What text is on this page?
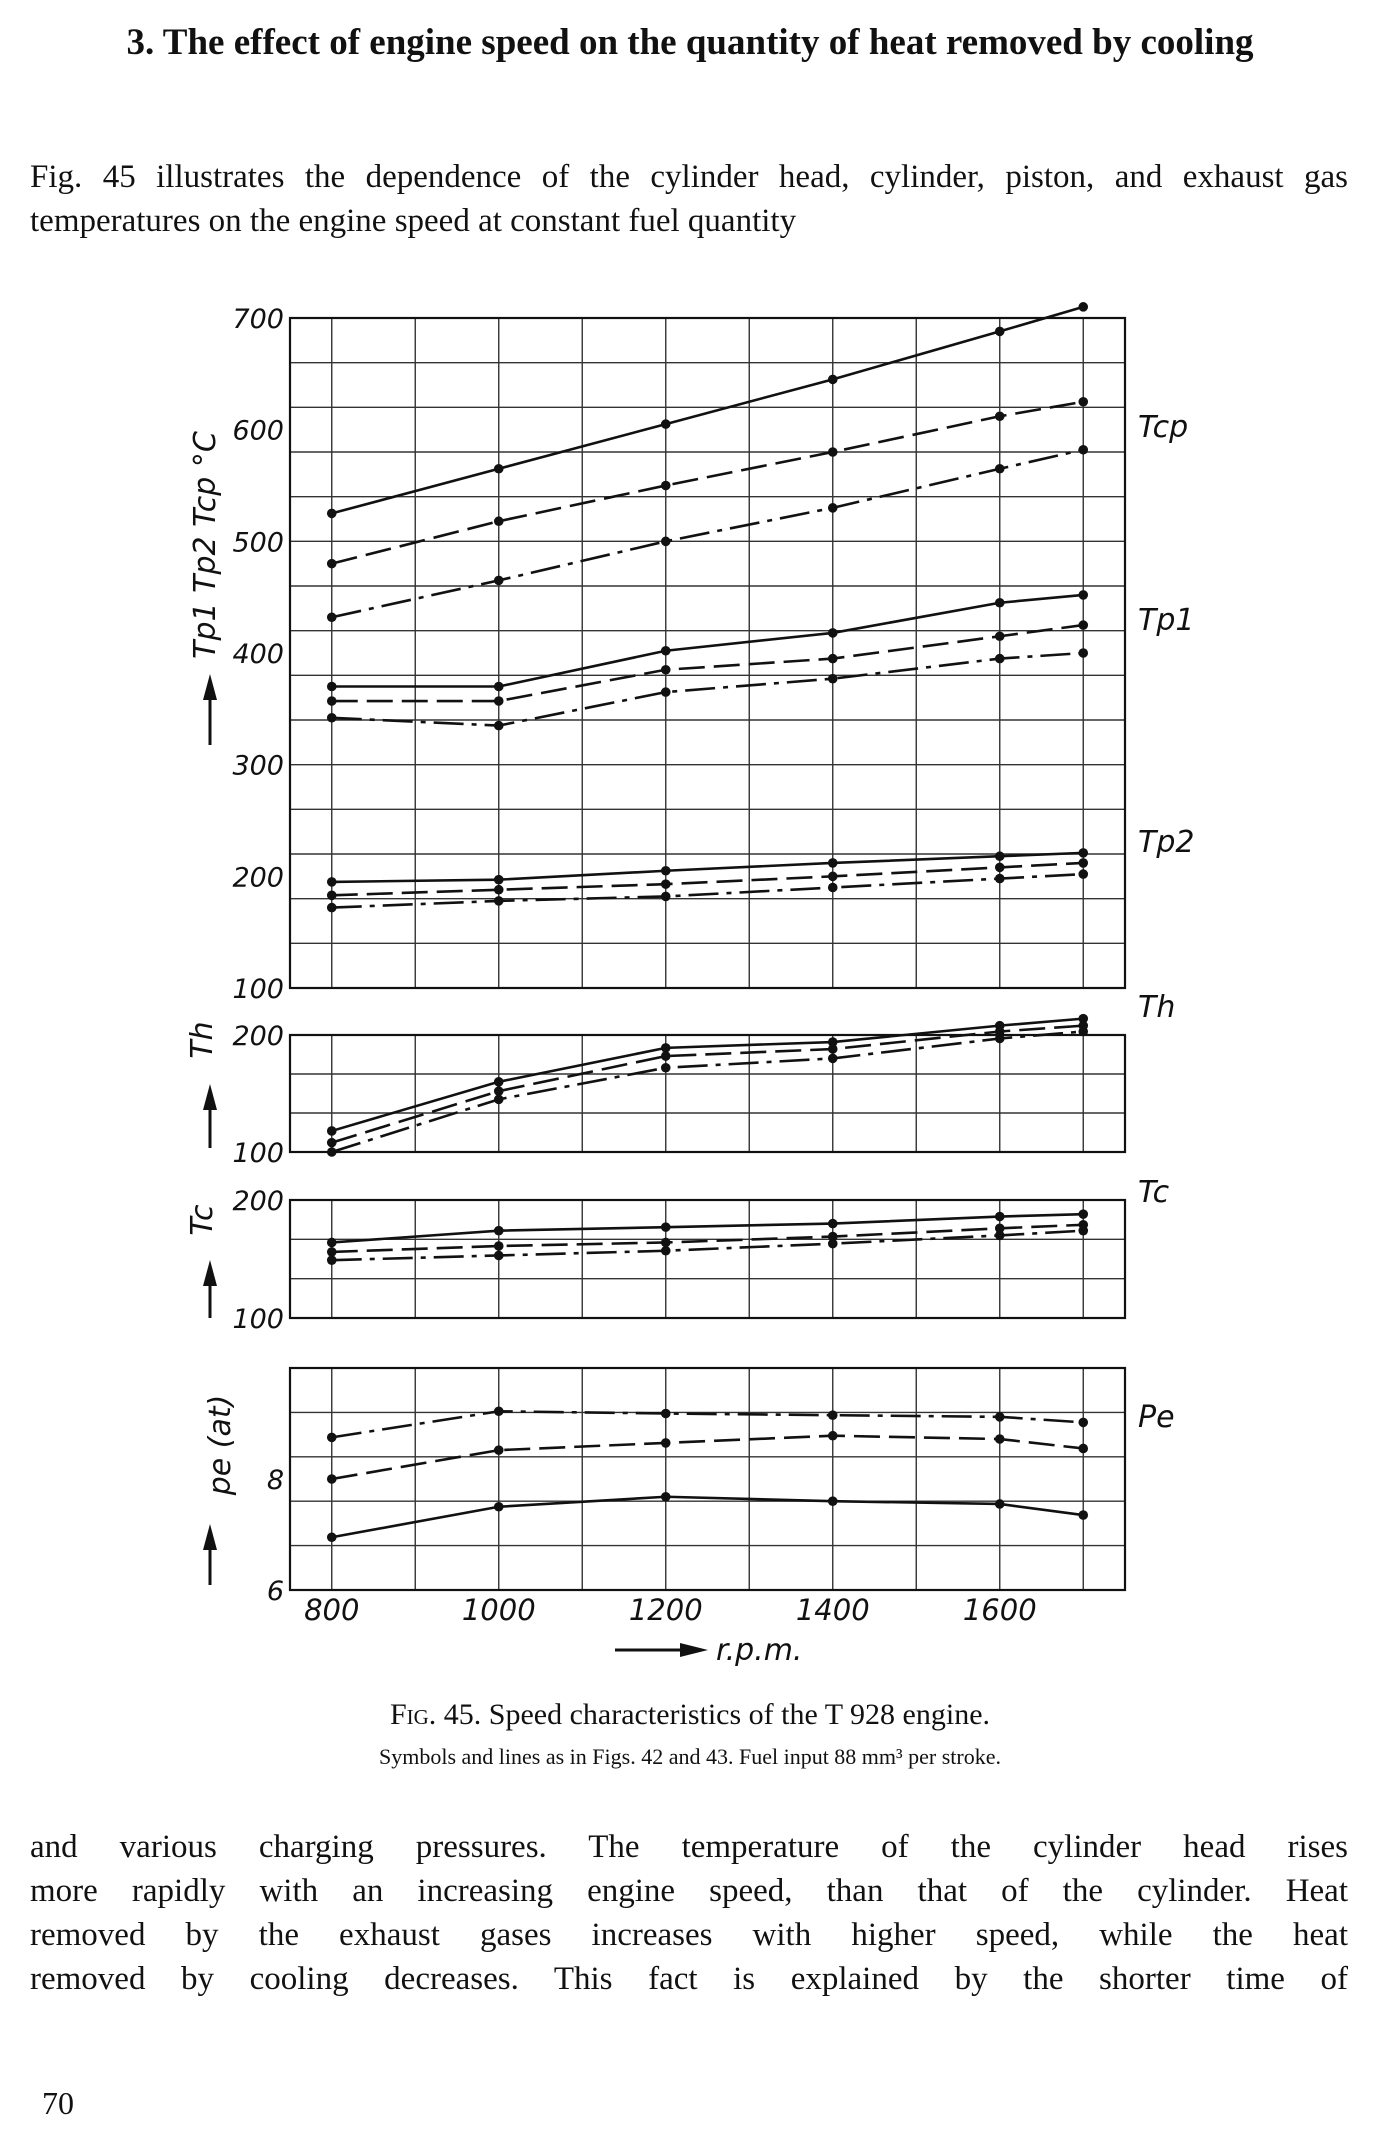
3. The effect of engine speed on the quantity of heat removed by cooling
Fig. 45 illustrates the dependence of the cylinder head, cylinder, piston, and exhaust gas temperatures on the engine speed at constant fuel quantity
100
200
300
400
500
600
700
Tcp
Tp1
Tp2
100
200
Th
100
200	Tc
6
8
Pe
800	1000	1200	1400	1600
Tp1 Tp2 Tcp °C
Th
Tc
pe (at)
r.p.m.
Fig. 45. Speed characteristics of the T 928 engine.
Symbols and lines as in Figs. 42 and 43. Fuel input 88 mm³ per stroke.
and various charging pressures. The temperature of the cylinder head rises
more rapidly with an increasing engine speed, than that of the cylinder. Heat
removed by the exhaust gases increases with higher speed, while the heat
removed by cooling decreases. This fact is explained by the shorter time of
70
